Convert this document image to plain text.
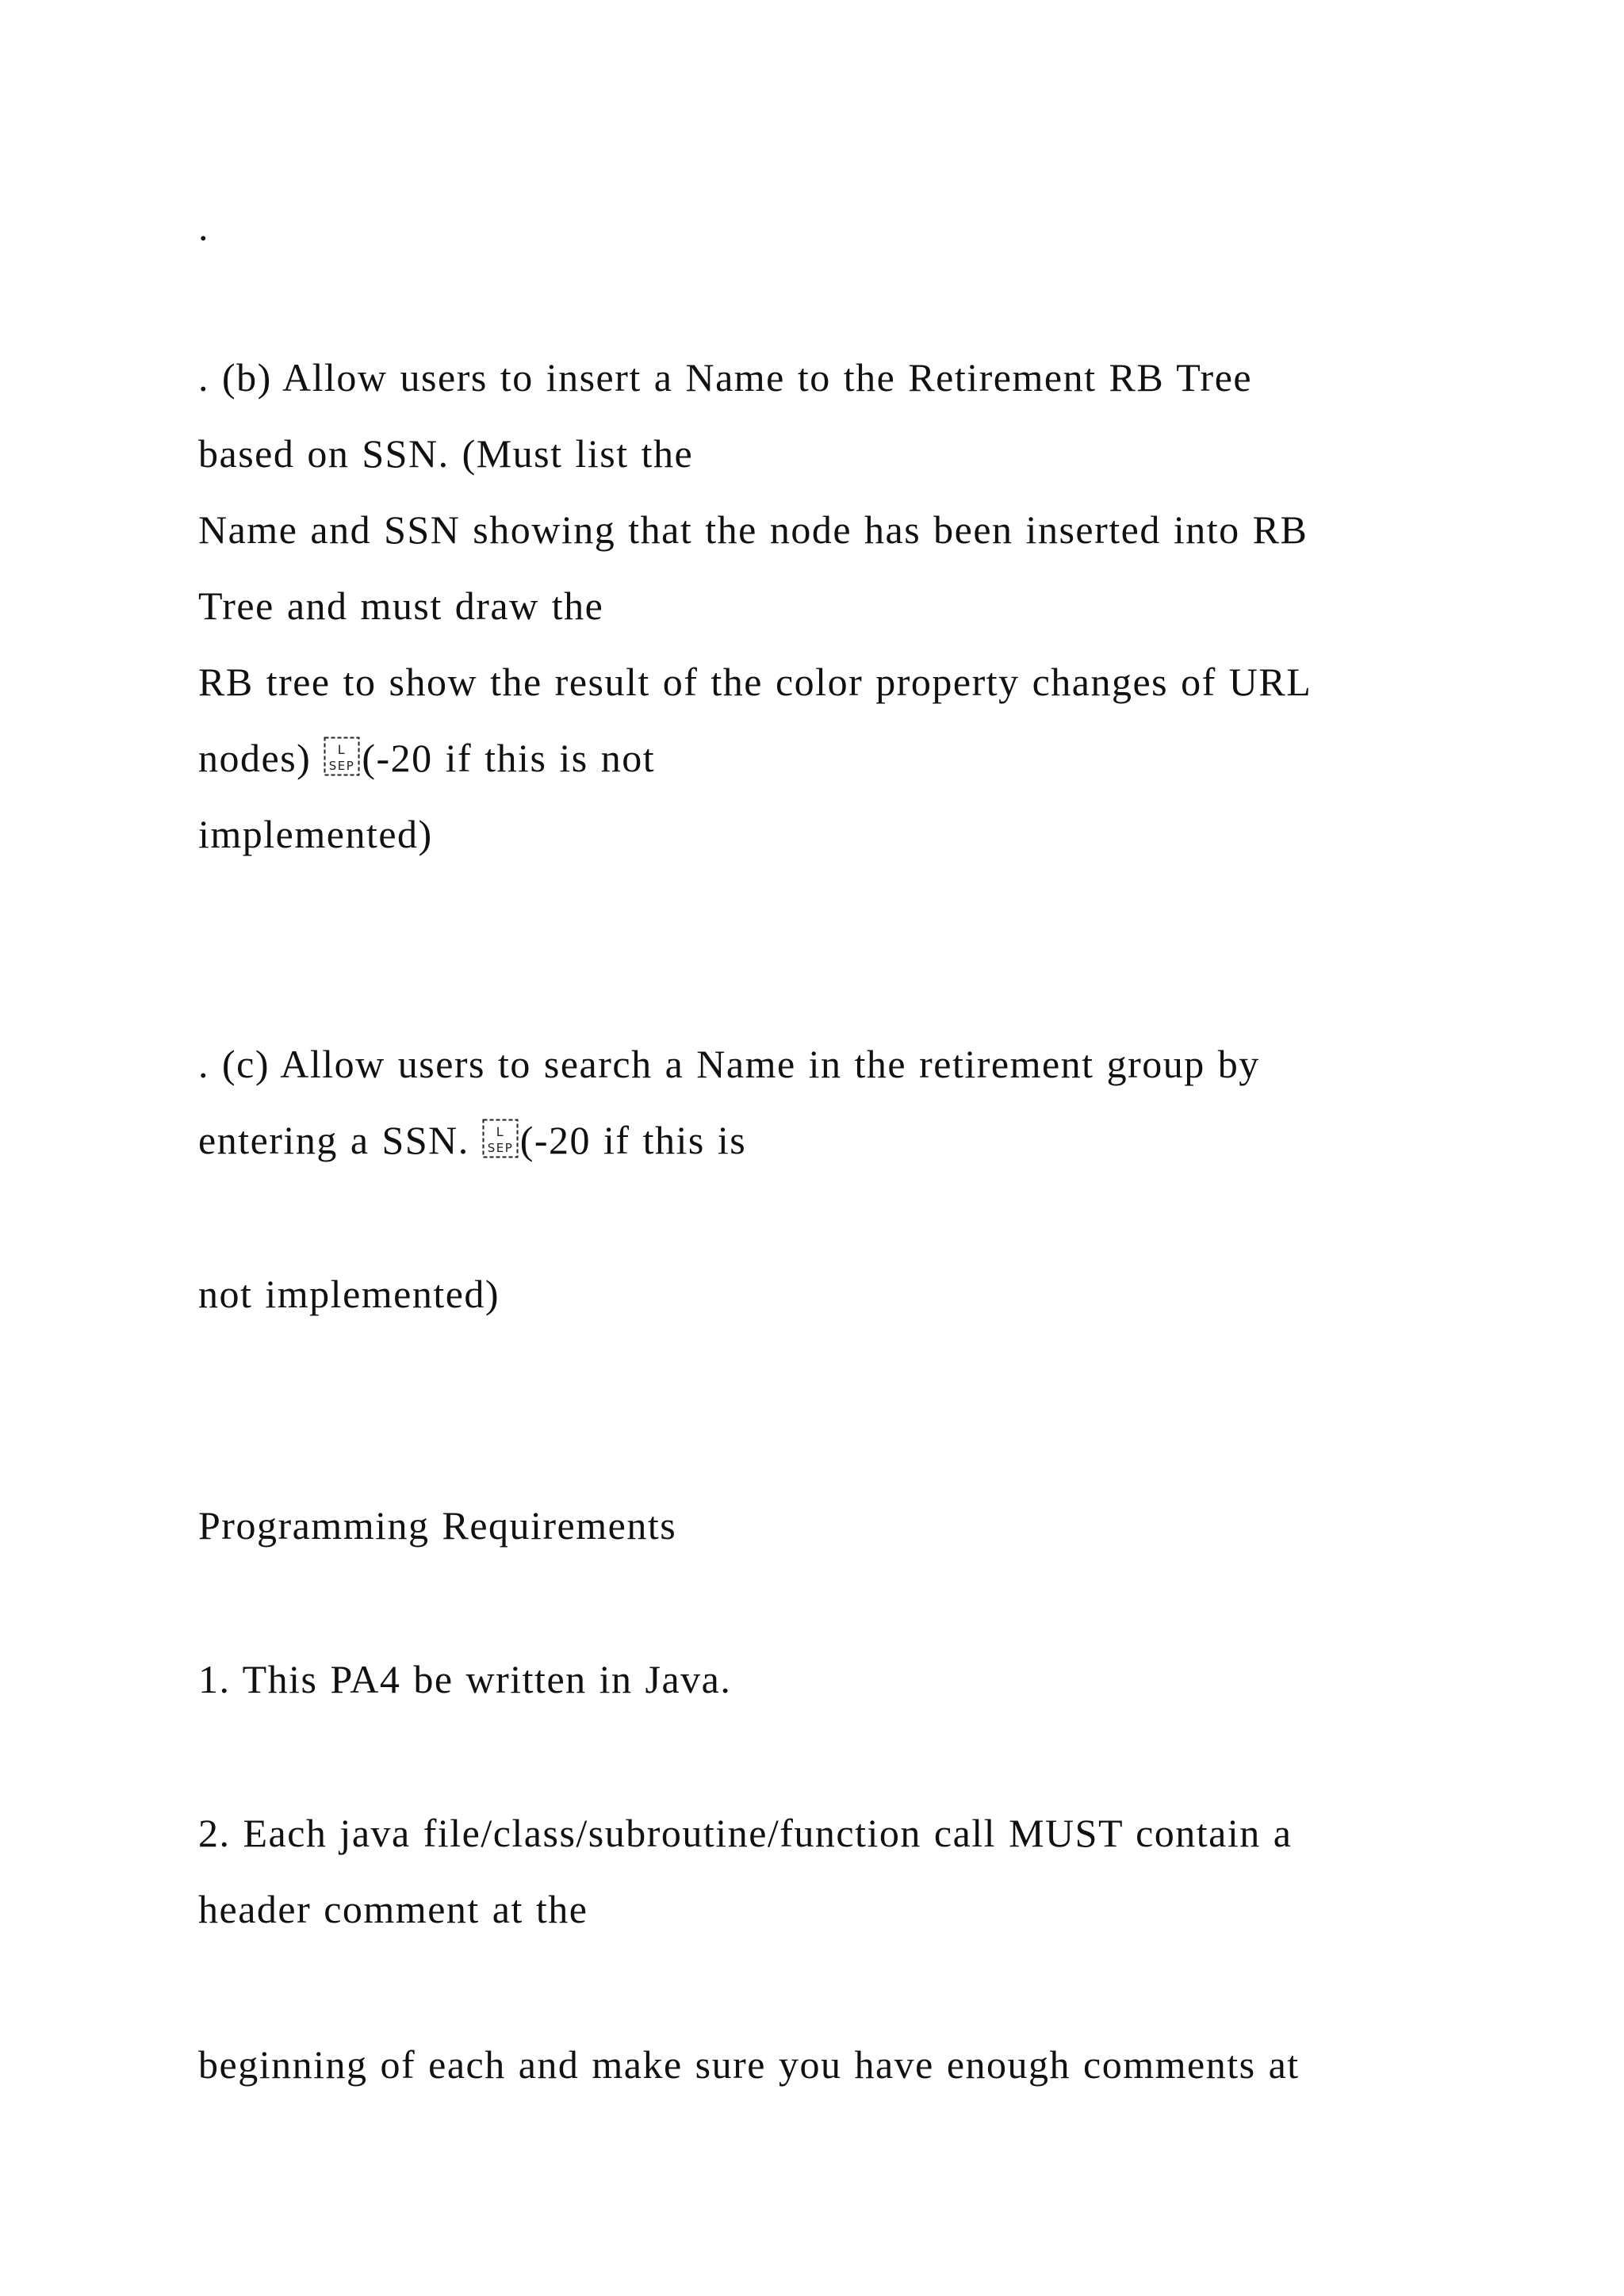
.

. (b) Allow users to insert a Name to the Retirement RB Tree

based on SSN. (Must list the

Name and SSN showing that the node has been inserted into RB

Tree and must draw the

RB tree to show the result of the color property changes of URL

nodes) L
SEP (-20 if this is not

implemented)

. (c) Allow users to search a Name in the retirement group by

entering a SSN. L
SEP (-20 if this is

not implemented)

Programming Requirements

1. This PA4 be written in Java.

2. Each java file/class/subroutine/function call MUST contain a

header comment at the

beginning of each and make sure you have enough comments at
